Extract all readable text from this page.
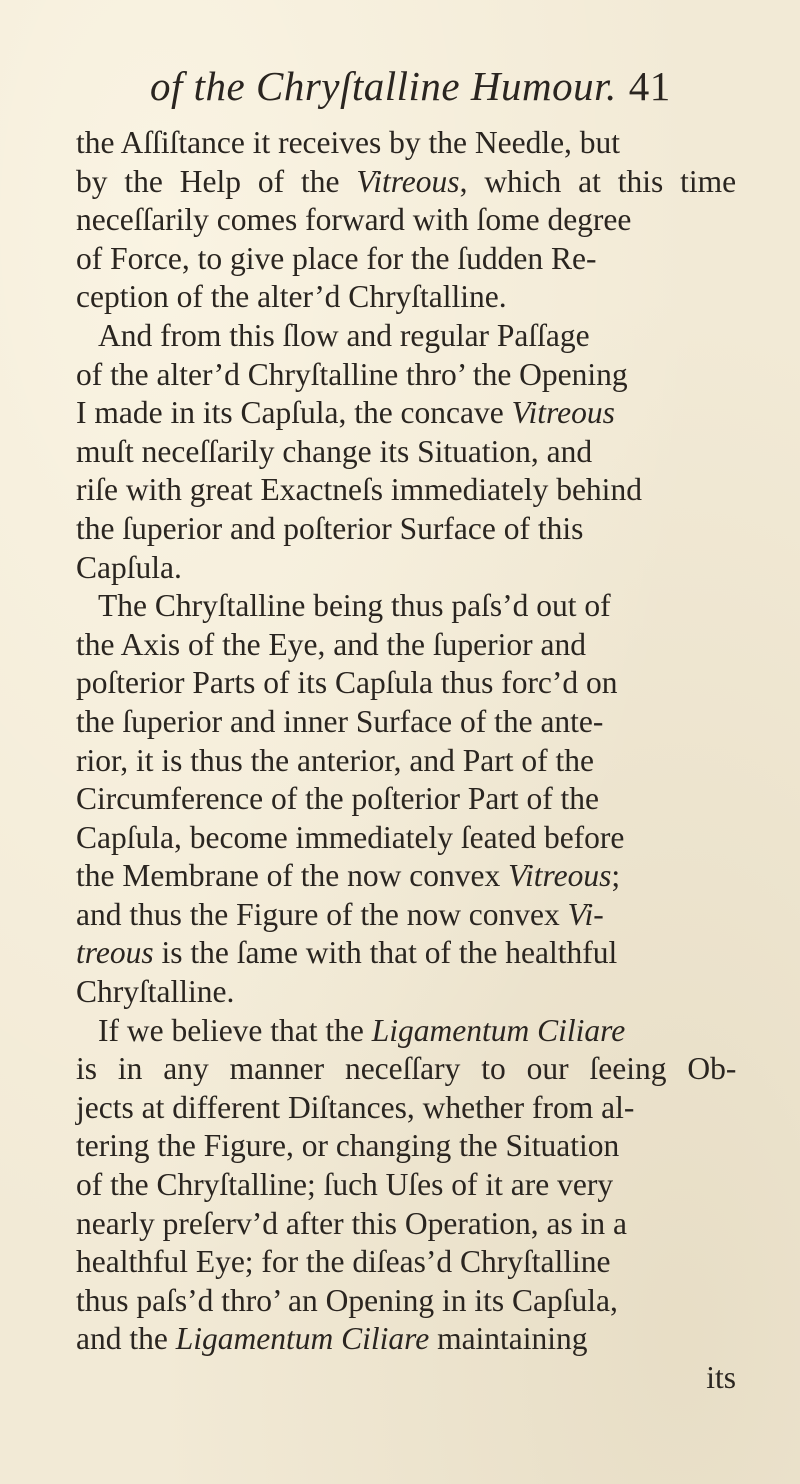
of the Chryſtalline Humour. 41
the Aſſiſtance it receives by the Needle, but
by the Help of the Vitreous, which at this time
neceſſarily comes forward with ſome degree
of Force, to give place for the ſudden Re-
ception of the alter’d Chryſtalline.
And from this ſlow and regular Paſſage
of the alter’d Chryſtalline thro’ the Opening
I made in its Capſula, the concave Vitreous
muſt neceſſarily change its Situation, and
riſe with great Exactneſs immediately behind
the ſuperior and poſterior Surface of this
Capſula.
The Chryſtalline being thus paſs’d out of
the Axis of the Eye, and the ſuperior and
poſterior Parts of its Capſula thus forc’d on
the ſuperior and inner Surface of the ante-
rior, it is thus the anterior, and Part of the
Circumference of the poſterior Part of the
Capſula, become immediately ſeated before
the Membrane of the now convex Vitreous;
and thus the Figure of the now convex Vi-
treous is the ſame with that of the healthful
Chryſtalline.
If we believe that the Ligamentum Ciliare
is in any manner neceſſary to our ſeeing Ob-
jects at different Diſtances, whether from al-
tering the Figure, or changing the Situation
of the Chryſtalline; ſuch Uſes of it are very
nearly preſerv’d after this Operation, as in a
healthful Eye; for the diſeas’d Chryſtalline
thus paſs’d thro’ an Opening in its Capſula,
and the Ligamentum Ciliare maintaining
its
